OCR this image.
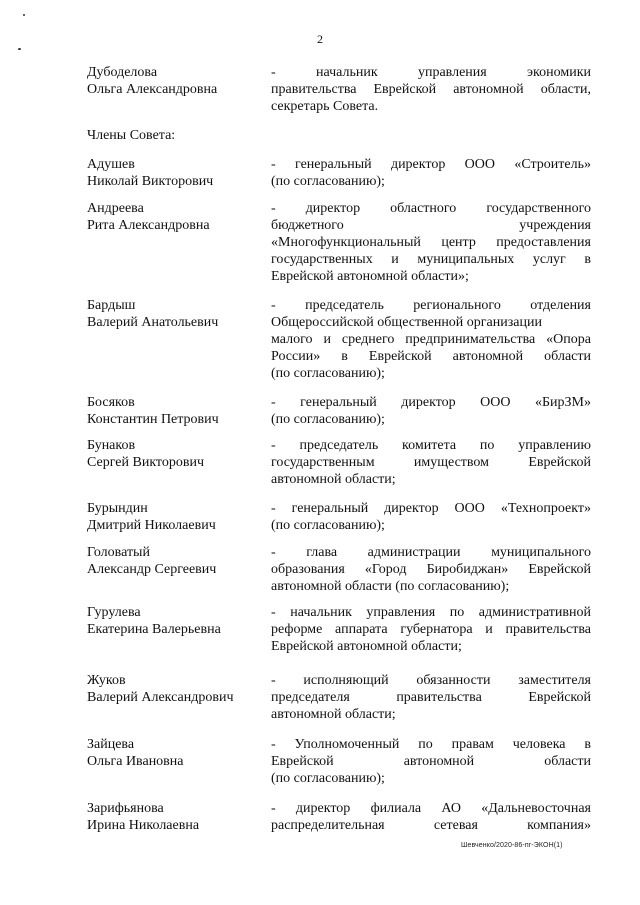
2
Дубоделова
Ольга Александровна
- начальник управления экономики
правительства Еврейской автономной области,
секретарь Совета.
Члены Совета:
Адушев
Николай Викторович
- генеральный директор ООО «Строитель»
(по согласованию);
Андреева
Рита Александровна
- директор областного государственного
бюджетного учреждения
«Многофункциональный центр предоставления
государственных и муниципальных услуг в
Еврейской автономной области»;
Бардыш
Валерий Анатольевич
- председатель регионального отделения
Общероссийской общественной организации
малого и среднего предпринимательства «Опора
России» в Еврейской автономной области
(по согласованию);
Босяков
Константин Петрович
- генеральный директор ООО «БирЗМ»
(по согласованию);
Бунаков
Сергей Викторович
- председатель комитета по управлению
государственным имуществом Еврейской
автономной области;
Бурындин
Дмитрий Николаевич
- генеральный директор ООО «Технопроект»
(по согласованию);
Головатый
Александр Сергеевич
- глава администрации муниципального
образования «Город Биробиджан» Еврейской
автономной области (по согласованию);
Гурулева
Екатерина Валерьевна
- начальник управления по административной
реформе аппарата губернатора и правительства
Еврейской автономной области;
Жуков
Валерий Александрович
- исполняющий обязанности заместителя
председателя правительства Еврейской
автономной области;
Зайцева
Ольга Ивановна
- Уполномоченный по правам человека в
Еврейской автономной области
(по согласованию);
Зарифьянова
Ирина Николаевна
- директор филиала АО «Дальневосточная
распределительная сетевая компания»
Шевченко/2020-86-пг-ЭКОН(1)
